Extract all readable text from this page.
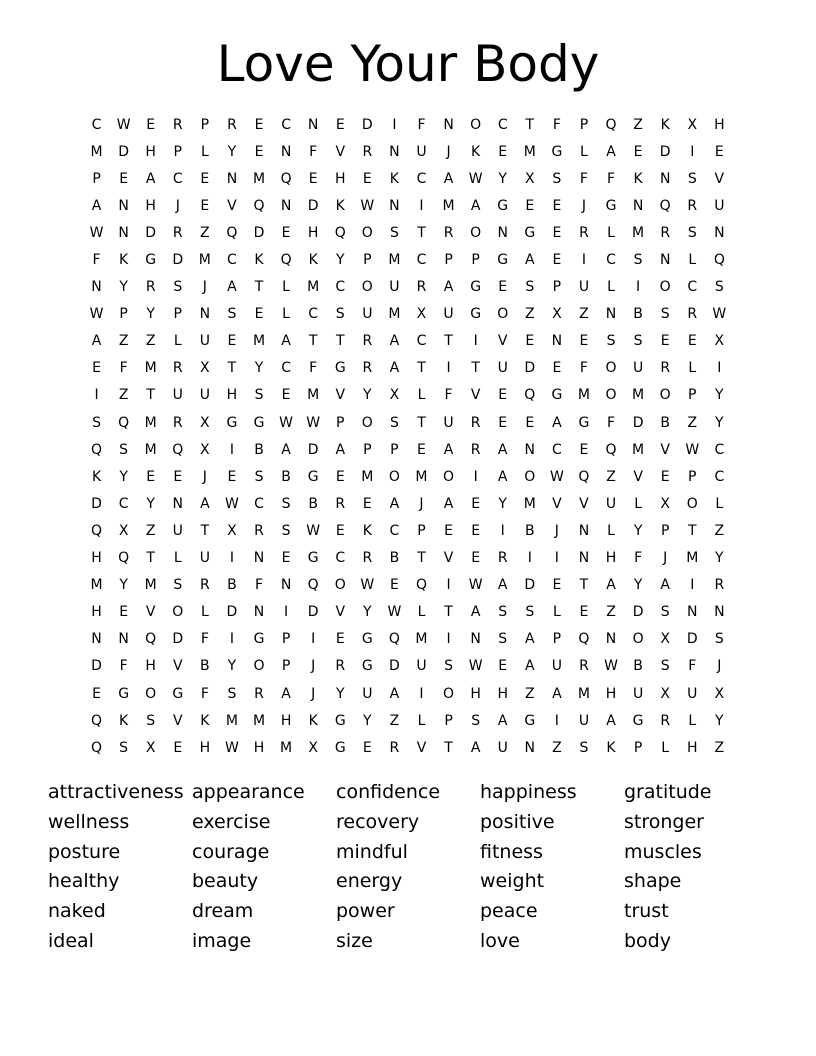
Love Your Body
C	W	E	R	P	R	E	C	N	E	D	I	F	N	O	C	T	F	P	Q	Z	K	X	H
M	D	H	P	L	Y	E	N	F	V	R	N	U	J	K	E	M	G	L	A	E	D	I	E
P	E	A	C	E	N	M	Q	E	H	E	K	C	A	W	Y	X	S	F	F	K	N	S	V
A	N	H	J	E	V	Q	N	D	K	W	N	I	M	A	G	E	E	J	G	N	Q	R	U
W	N	D	R	Z	Q	D	E	H	Q	O	S	T	R	O	N	G	E	R	L	M	R	S	N
F	K	G	D	M	C	K	Q	K	Y	P	M	C	P	P	G	A	E	I	C	S	N	L	Q
N	Y	R	S	J	A	T	L	M	C	O	U	R	A	G	E	S	P	U	L	I	O	C	S
W	P	Y	P	N	S	E	L	C	S	U	M	X	U	G	O	Z	X	Z	N	B	S	R	W
A	Z	Z	L	U	E	M	A	T	T	R	A	C	T	I	V	E	N	E	S	S	E	E	X
E	F	M	R	X	T	Y	C	F	G	R	A	T	I	T	U	D	E	F	O	U	R	L	I
I	Z	T	U	U	H	S	E	M	V	Y	X	L	F	V	E	Q	G	M	O	M	O	P	Y
S	Q	M	R	X	G	G	W W	P	O	S	T	U	R	E	E	A	G	F	D	B	Z	Y
Q	S	M	Q	X	I	B	A	D	A	P	P	E	A	R	A	N	C	E	Q	M	V	W	C
K	Y	E	E	J	E	S	B	G	E	M	O	M	O	I	A	O	W	Q	Z	V	E	P	C
D	C	Y	N	A	W	C	S	B	R	E	A	J	A	E	Y	M	V	V	U	L	X	O	L
Q	X	Z	U	T	X	R	S	W	E	K	C	P	E	E	I	B	J	N	L	Y	P	T	Z
H	Q	T	L	U	I	N	E	G	C	R	B	T	V	E	R	I	I	N	H	F	J	M	Y
M	Y	M	S	R	B	F	N	Q	O	W	E	Q	I	W	A	D	E	T	A	Y	A	I	R
H	E	V	O	L	D	N	I	D	V	Y	W	L	T	A	S	S	L	E	Z	D	S	N	N
N	N	Q	D	F	I	G	P	I	E	G	Q	M	I	N	S	A	P	Q	N	O	X	D	S
D	F	H	V	B	Y	O	P	J	R	G	D	U	S	W	E	A	U	R	W	B	S	F	J
E	G	O	G	F	S	R	A	J	Y	U	A	I	O	H	H	Z	A	M	H	U	X	U	X
Q	K	S	V	K	M	M	H	K	G	Y	Z	L	P	S	A	G	I	U	A	G	R	L	Y
Q	S	X	E	H	W	H	M	X	G	E	R	V	T	A	U	N	Z	S	K	P	L	H	Z
attractiveness appearance	confidence	happiness	gratitude
wellness	exercise	recovery	positive	stronger
posture	courage	mindful	fitness	muscles
healthy	beauty	energy	weight	shape
naked	dream	power	peace	trust
ideal	image	size	love	body
